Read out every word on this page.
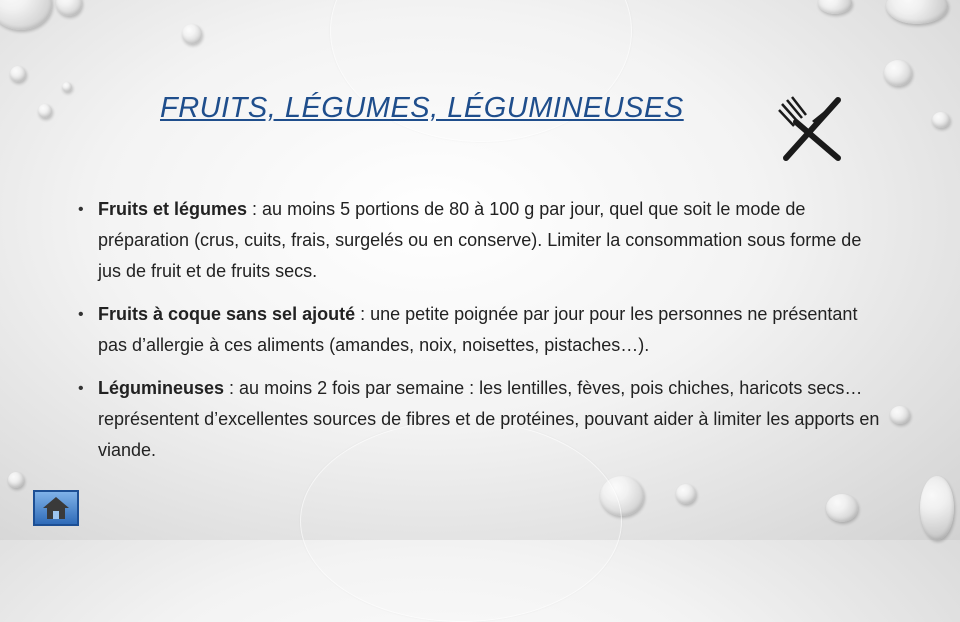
FRUITS, LÉGUMES, LÉGUMINEUSES
• Fruits et légumes : au moins 5 portions de 80 à 100 g par jour, quel que soit le mode de préparation (crus, cuits, frais, surgelés ou en conserve). Limiter la consommation sous forme de jus de fruit et de fruits secs.
• Fruits à coque sans sel ajouté : une petite poignée par jour pour les personnes ne présentant pas d’allergie à ces aliments (amandes, noix, noisettes, pistaches…).
• Légumineuses : au moins 2 fois par semaine : les lentilles, fèves, pois chiches, haricots secs… représentent d’excellentes sources de fibres et de protéines, pouvant aider à limiter les apports en viande.
